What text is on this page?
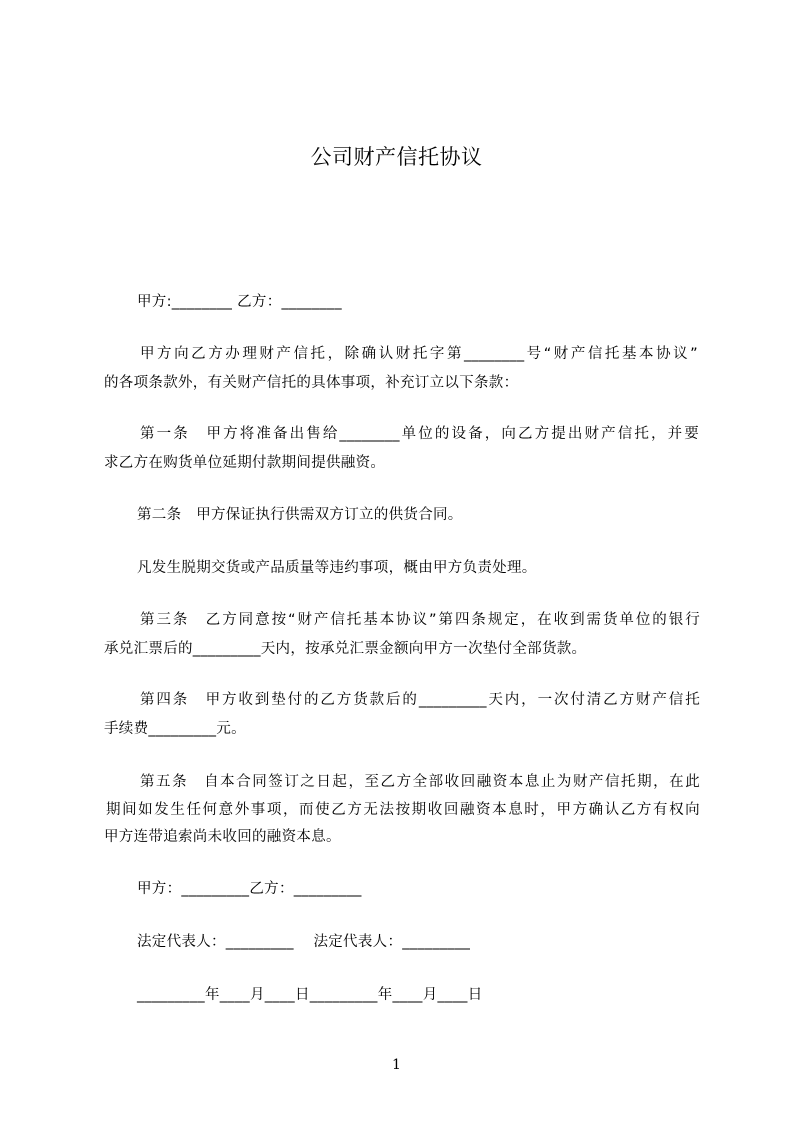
公司财产信托协议
甲方:________ 乙方：________
甲方向乙方办理财产信托，除确认财托字第________号“财产信托基本协议”
的各项条款外，有关财产信托的具体事项，补充订立以下条款：
第一条　甲方将准备出售给________单位的设备，向乙方提出财产信托，并要
求乙方在购货单位延期付款期间提供融资。
第二条　甲方保证执行供需双方订立的供货合同。
凡发生脱期交货或产品质量等违约事项，概由甲方负责处理。
第三条　乙方同意按“财产信托基本协议”第四条规定，在收到需货单位的银行
承兑汇票后的_________天内，按承兑汇票金额向甲方一次垫付全部货款。
第四条　甲方收到垫付的乙方货款后的_________天内，一次付清乙方财产信托
手续费_________元。
第五条　自本合同签订之日起，至乙方全部收回融资本息止为财产信托期，在此
期间如发生任何意外事项，而使乙方无法按期收回融资本息时，甲方确认乙方有权向
甲方连带追索尚未收回的融资本息。
甲方：_________乙方：_________
法定代表人：_________　 法定代表人：_________
_________年____月____日_________年____月____日
1
